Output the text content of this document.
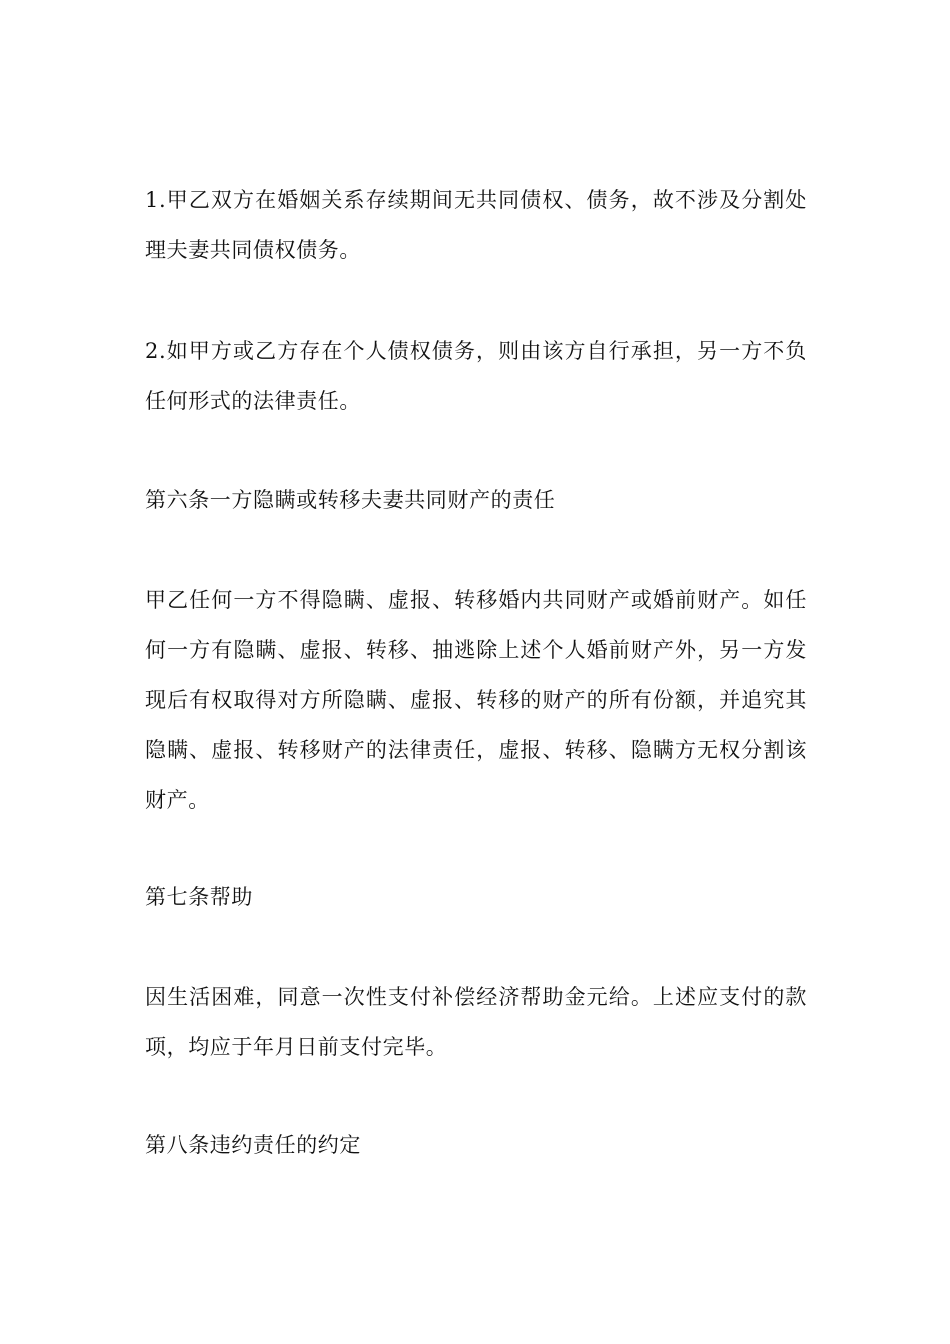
1.甲乙双方在婚姻关系存续期间无共同债权、债务，故不涉及分割处理夫妻共同债权债务。

2.如甲方或乙方存在个人债权债务，则由该方自行承担，另一方不负任何形式的法律责任。

第六条一方隐瞒或转移夫妻共同财产的责任

甲乙任何一方不得隐瞒、虚报、转移婚内共同财产或婚前财产。如任何一方有隐瞒、虚报、转移、抽逃除上述个人婚前财产外，另一方发现后有权取得对方所隐瞒、虚报、转移的财产的所有份额，并追究其隐瞒、虚报、转移财产的法律责任，虚报、转移、隐瞒方无权分割该财产。

第七条帮助

因生活困难，同意一次性支付补偿经济帮助金元给。上述应支付的款项，均应于年月日前支付完毕。

第八条违约责任的约定
